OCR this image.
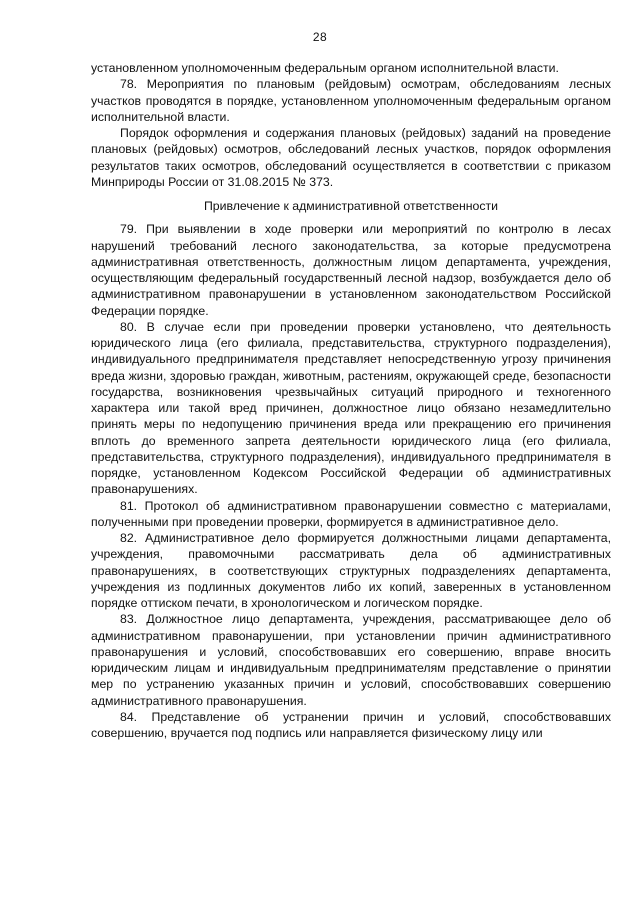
28

установленном уполномоченным федеральным органом исполнительной власти.

78. Мероприятия по плановым (рейдовым) осмотрам, обследованиям лесных участков проводятся в порядке, установленном уполномоченным федеральным органом исполнительной власти.

Порядок оформления и содержания плановых (рейдовых) заданий на проведение плановых (рейдовых) осмотров, обследований лесных участков, порядок оформления результатов таких осмотров, обследований осуществляется в соответствии с приказом Минприроды России от 31.08.2015 № 373.

Привлечение к административной ответственности

79. При выявлении в ходе проверки или мероприятий по контролю в лесах нарушений требований лесного законодательства, за которые предусмотрена административная ответственность, должностным лицом департамента, учреждения, осуществляющим федеральный государственный лесной надзор, возбуждается дело об административном правонарушении в установленном законодательством Российской Федерации порядке.

80. В случае если при проведении проверки установлено, что деятельность юридического лица (его филиала, представительства, структурного подразделения), индивидуального предпринимателя представляет непосредственную угрозу причинения вреда жизни, здоровью граждан, животным, растениям, окружающей среде, безопасности государства, возникновения чрезвычайных ситуаций природного и техногенного характера или такой вред причинен, должностное лицо обязано незамедлительно принять меры по недопущению причинения вреда или прекращению его причинения вплоть до временного запрета деятельности юридического лица (его филиала, представительства, структурного подразделения), индивидуального предпринимателя в порядке, установленном Кодексом Российской Федерации об административных правонарушениях.

81. Протокол об административном правонарушении совместно с материалами, полученными при проведении проверки, формируется в административное дело.

82. Административное дело формируется должностными лицами департамента, учреждения, правомочными рассматривать дела об административных правонарушениях, в соответствующих структурных подразделениях департамента, учреждения из подлинных документов либо их копий, заверенных в установленном порядке оттиском печати, в хронологическом и логическом порядке.

83. Должностное лицо департамента, учреждения, рассматривающее дело об административном правонарушении, при установлении причин административного правонарушения и условий, способствовавших его совершению, вправе вносить юридическим лицам и индивидуальным предпринимателям представление о принятии мер по устранению указанных причин и условий, способствовавших совершению административного правонарушения.

84. Представление об устранении причин и условий, способствовавших совершению, вручается под подпись или направляется физическому лицу или
